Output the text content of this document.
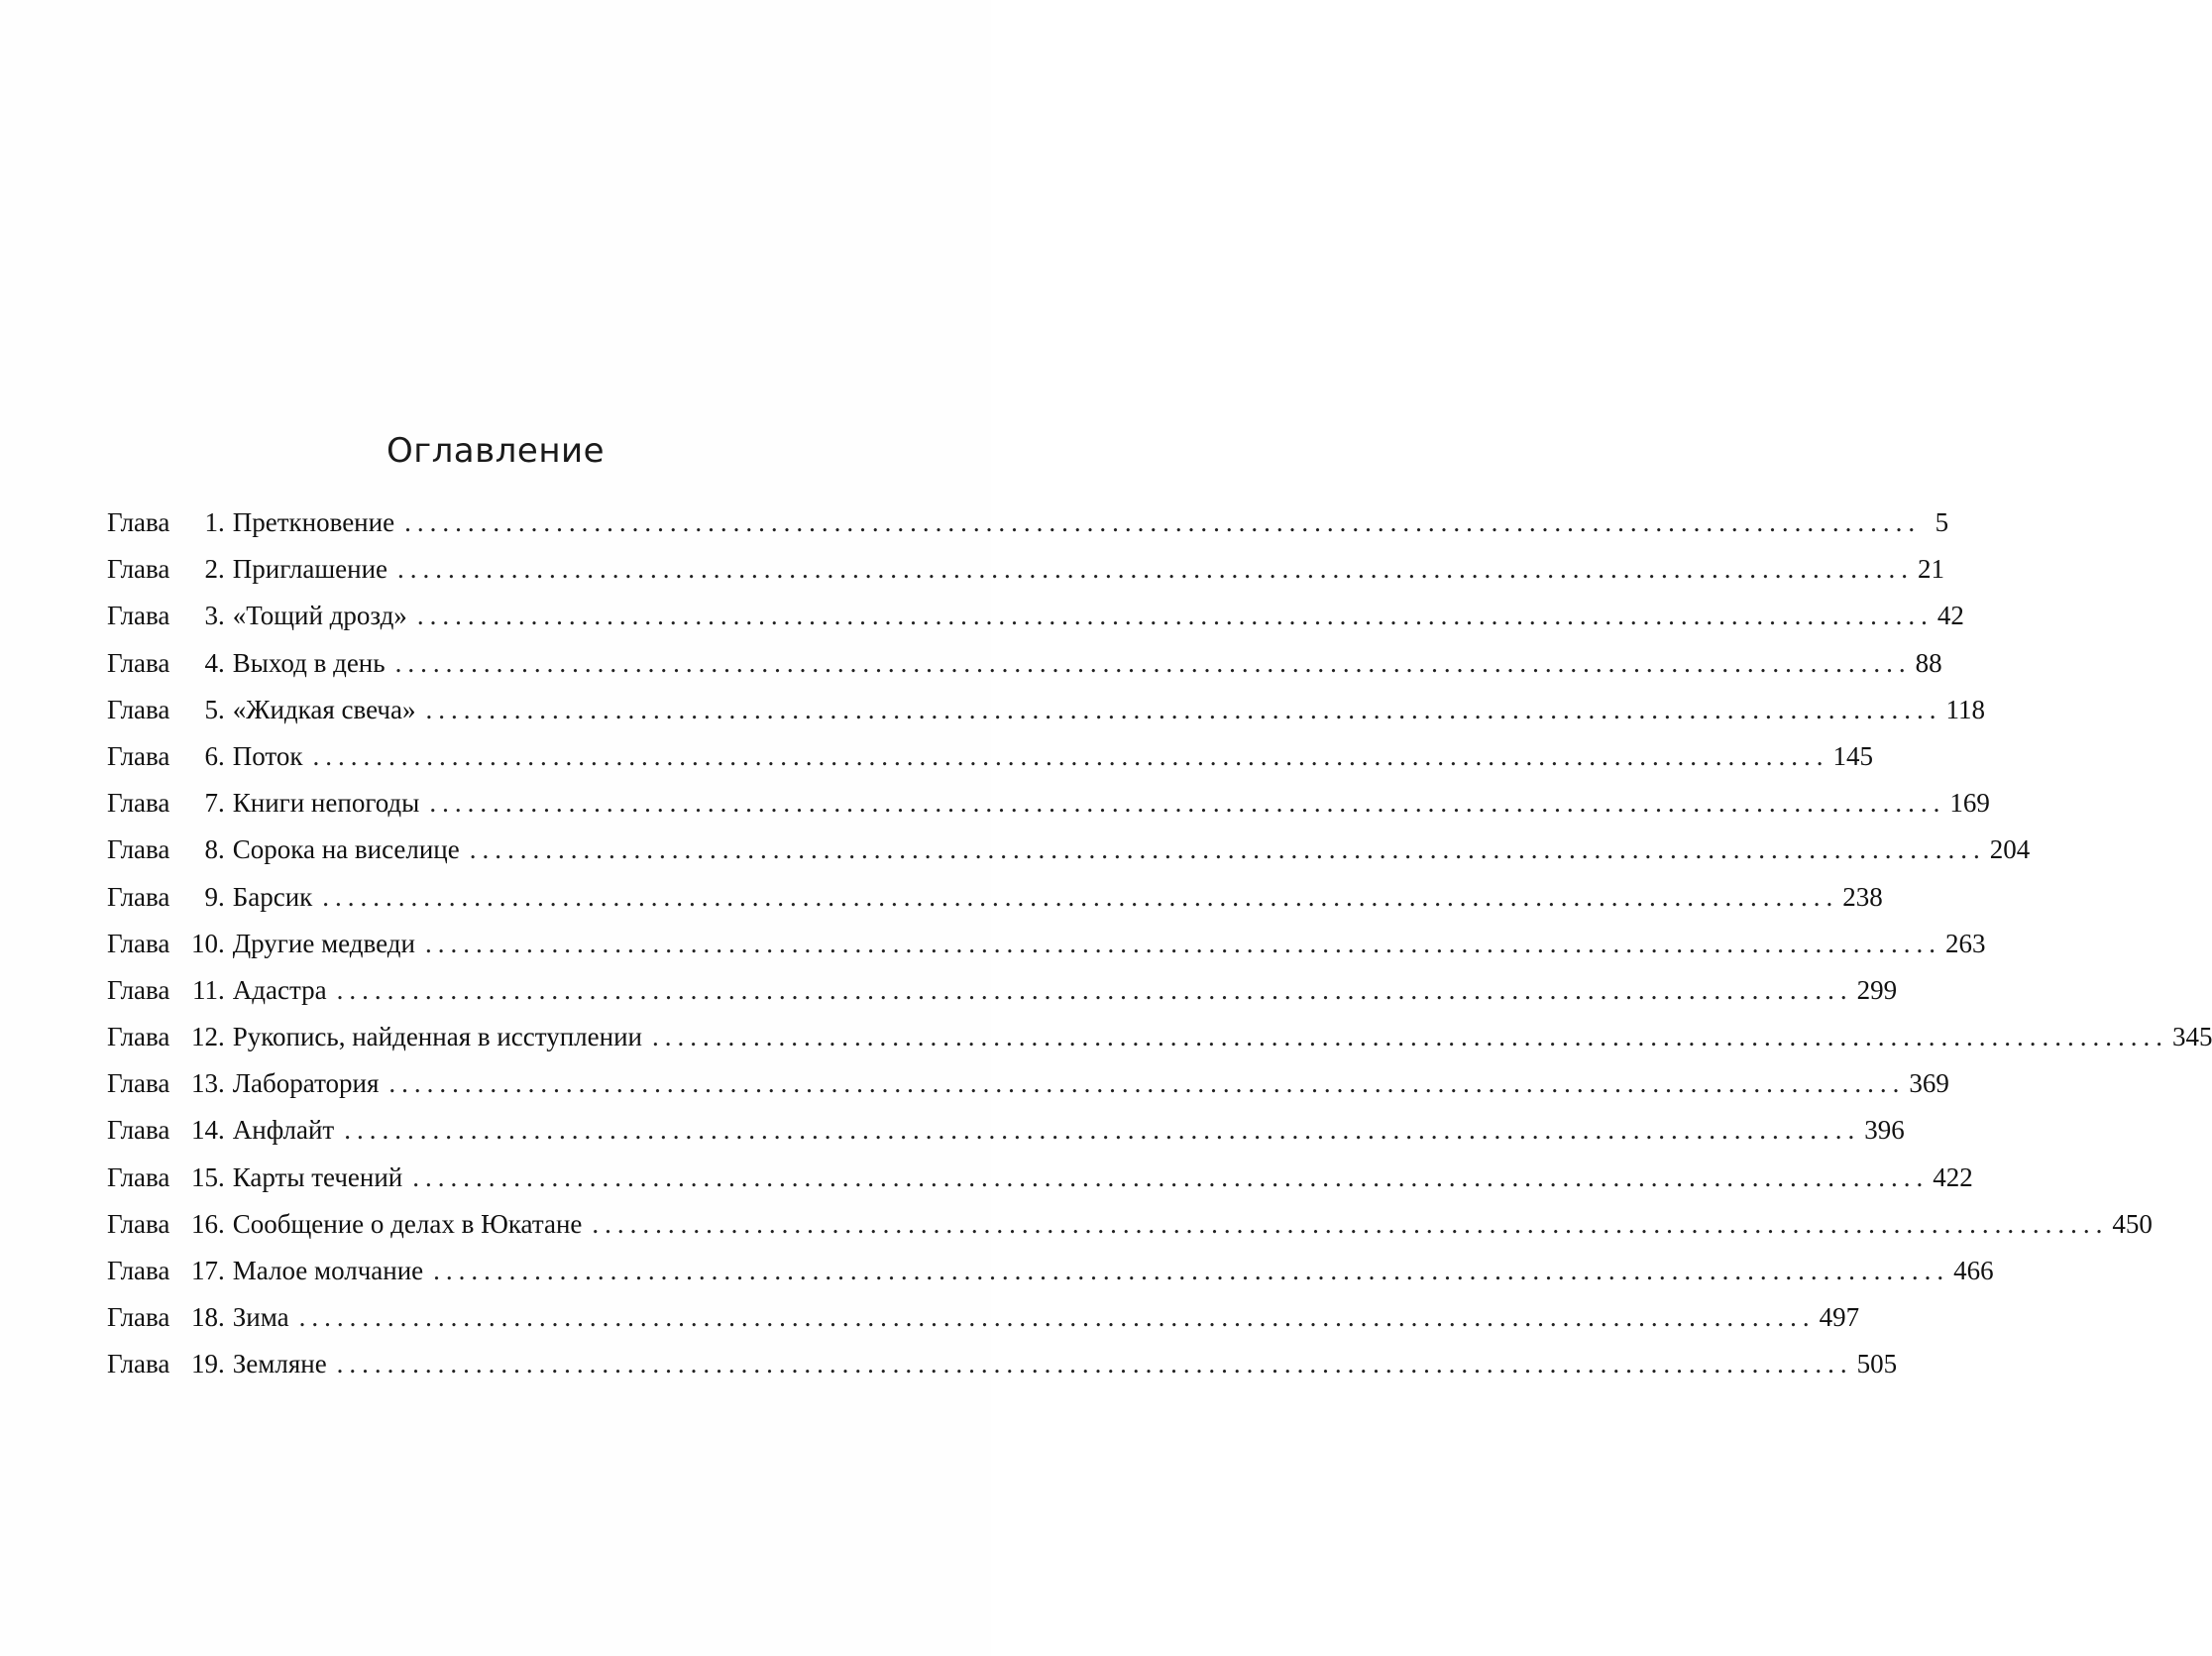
Оглавление
Глава	1 . Преткновение ........................................................................................................................ 5
Глава	2 . Приглашение ........................................................................................................................ 21
Глава	3 . «Тощий дрозд» ........................................................................................................................ 42
Глава	4 . Выход в день ........................................................................................................................ 88
Глава	5 . «Жидкая свеча» ........................................................................................................................ 118
Глава	6 . Поток ........................................................................................................................ 145
Глава	7 . Книги непогоды ........................................................................................................................ 169
Глава	8 . Сорока на виселице ........................................................................................................................ 204
Глава	9 . Барсик ........................................................................................................................ 238
Глава 10 . Другие медведи ........................................................................................................................ 263
Глава 11 . Адастра ........................................................................................................................ 299
Глава 12 . Рукопись, найденная в исступлении ........................................................................................................................ 345
Глава 13 . Лаборатория ........................................................................................................................ 369
Глава 14 . Анфлайт ........................................................................................................................ 396
Глава 15 . Карты течений ........................................................................................................................ 422
Глава 16 . Сообщение о делах в Юкатане ........................................................................................................................ 450
Глава 17 . Малое молчание ........................................................................................................................ 466
Глава 18 . Зима ........................................................................................................................ 497
Глава 19 . Земляне ........................................................................................................................ 505
